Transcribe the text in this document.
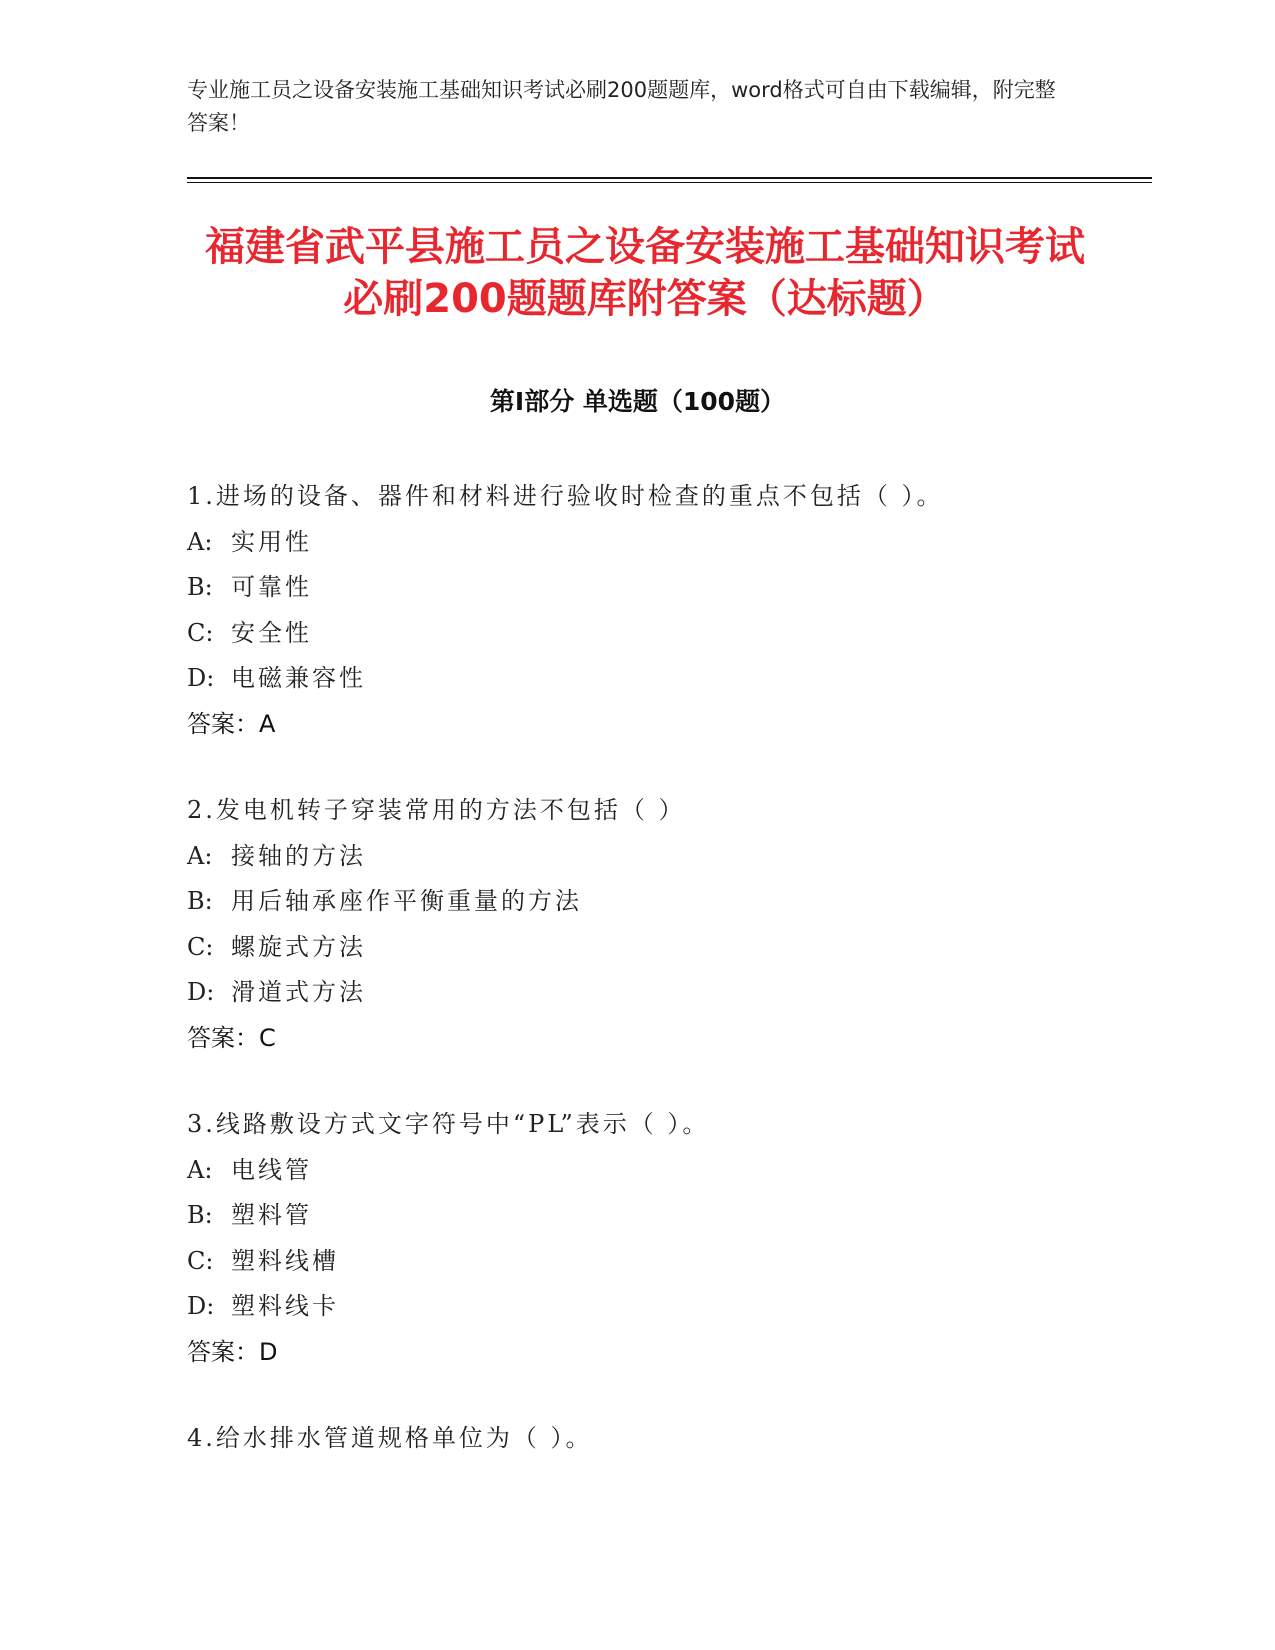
专业施工员之设备安装施工基础知识考试必刷200题题库，word格式可自由下载编辑，附完整答案！

福建省武平县施工员之设备安装施工基础知识考试必刷200题题库附答案（达标题）
第I部分 单选题（100题）
1.进场的设备、器件和材料进行验收时检查的重点不包括（ ）。
A: 实用性
B: 可靠性
C: 安全性
D: 电磁兼容性
答案：A
2.发电机转子穿装常用的方法不包括（ ）
A: 接轴的方法
B: 用后轴承座作平衡重量的方法
C: 螺旋式方法
D: 滑道式方法
答案：C
3.线路敷设方式文字符号中“PL”表示（ ）。
A: 电线管
B: 塑料管
C: 塑料线槽
D: 塑料线卡
答案：D
4.给水排水管道规格单位为（ ）。
